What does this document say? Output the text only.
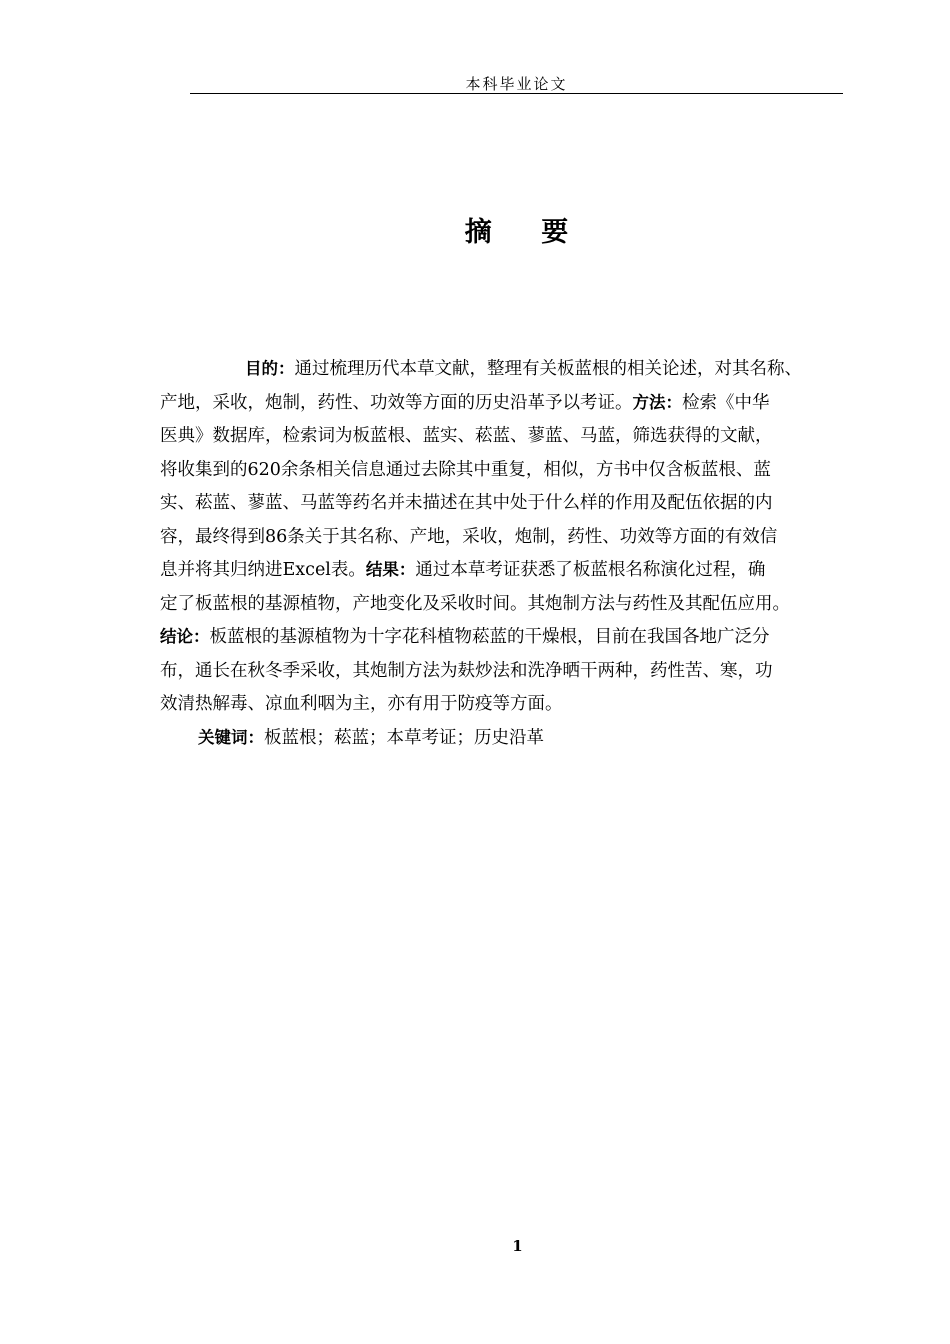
本科毕业论文
摘 要
目的：通过梳理历代本草文献，整理有关板蓝根的相关论述，对其名称、
产地，采收，炮制，药性、功效等方面的历史沿革予以考证。方法：检索《中华
医典》数据库，检索词为板蓝根、蓝实、菘蓝、蓼蓝、马蓝，筛选获得的文献，
将收集到的620余条相关信息通过去除其中重复，相似，方书中仅含板蓝根、蓝
实、菘蓝、蓼蓝、马蓝等药名并未描述在其中处于什么样的作用及配伍依据的内
容，最终得到86条关于其名称、产地，采收，炮制，药性、功效等方面的有效信
息并将其归纳进Excel表。结果：通过本草考证获悉了板蓝根名称演化过程，确
定了板蓝根的基源植物，产地变化及采收时间。其炮制方法与药性及其配伍应用。
结论：板蓝根的基源植物为十字花科植物菘蓝的干燥根，目前在我国各地广泛分
布，通长在秋冬季采收，其炮制方法为麸炒法和洗净晒干两种，药性苦、寒，功
效清热解毒、凉血利咽为主，亦有用于防疫等方面。
关键词：板蓝根；菘蓝；本草考证；历史沿革
1
